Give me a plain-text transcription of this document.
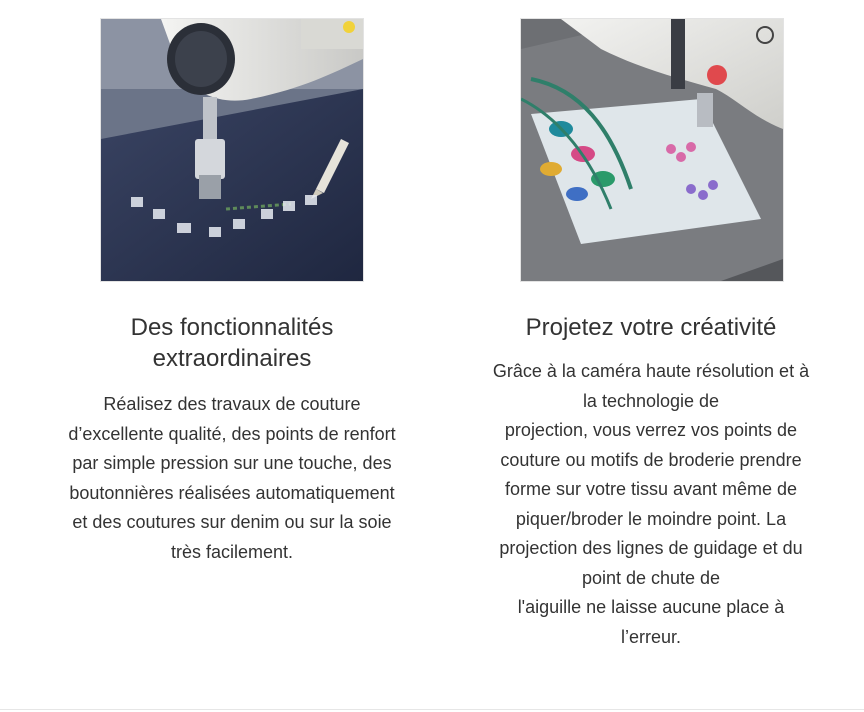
Des fonctionnalités
extraordinaires

Réalisez des travaux de couture
d’excellente qualité, des points de renfort
par simple pression sur une touche, des
boutonnières réalisées automatiquement
et des coutures sur denim ou sur la soie
très facilement.

Projetez votre créativité

Grâce à la caméra haute résolution et à
la technologie de
projection, vous verrez vos points de
couture ou motifs de broderie prendre
forme sur votre tissu avant même de
piquer/broder le moindre point. La
projection des lignes de guidage et du
point de chute de
l'aiguille ne laisse aucune place à
l’erreur.
